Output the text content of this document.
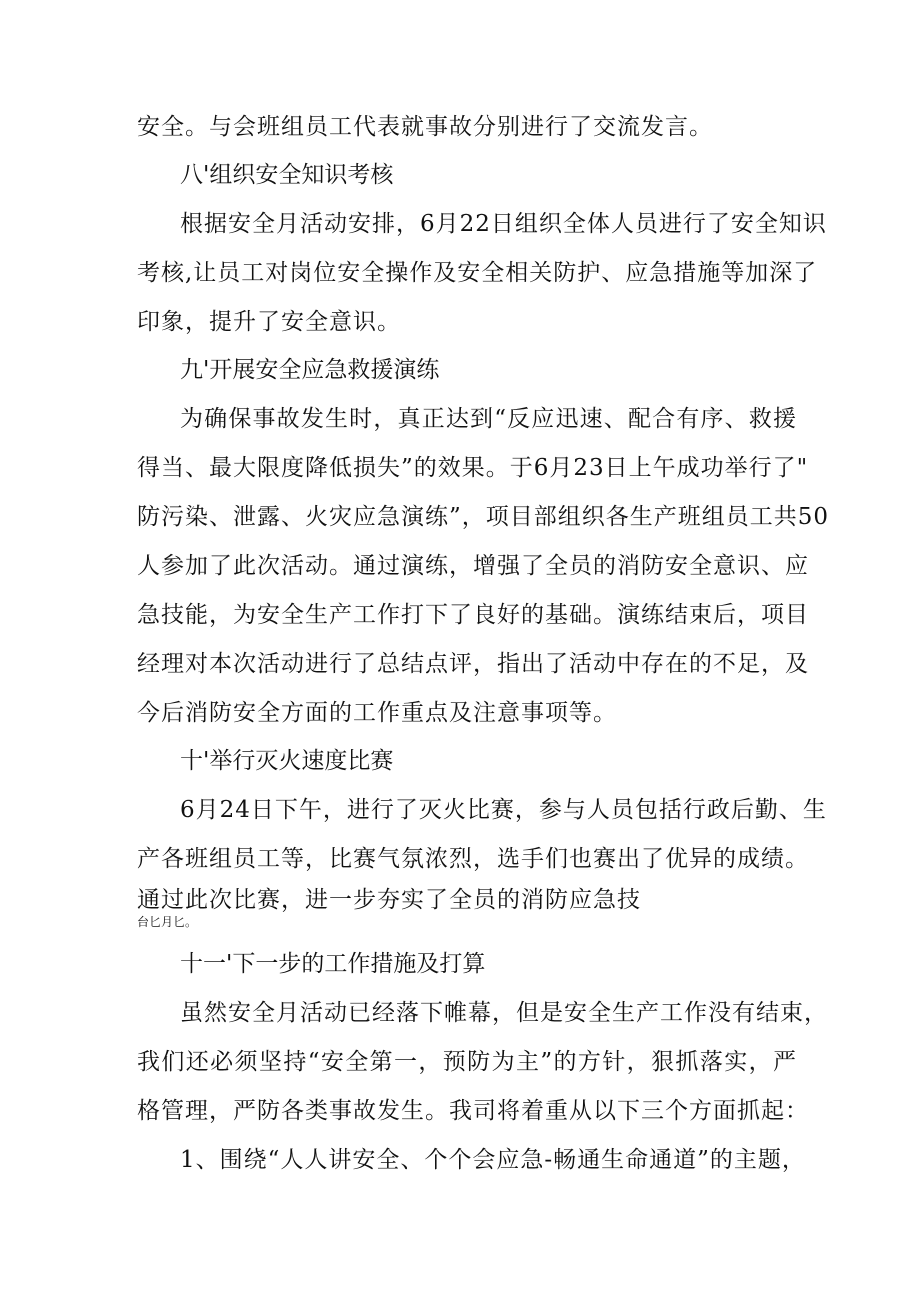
安全。与会班组员工代表就事故分别进行了交流发言。
八'组织安全知识考核
根据安全月活动安排，6月22日组织全体人员进行了安全知识
考核,让员工对岗位安全操作及安全相关防护、应急措施等加深了
印象，提升了安全意识。
九'开展安全应急救援演练
为确保事故发生时，真正达到“反应迅速、配合有序、救援
得当、最大限度降低损失”的效果。于6月23日上午成功举行了"
防污染、泄露、火灾应急演练”，项目部组织各生产班组员工共50
人参加了此次活动。通过演练，增强了全员的消防安全意识、应
急技能，为安全生产工作打下了良好的基础。演练结束后，项目
经理对本次活动进行了总结点评，指出了活动中存在的不足，及
今后消防安全方面的工作重点及注意事项等。
十'举行灭火速度比赛
6月24日下午，进行了灭火比赛，参与人员包括行政后勤、生
产各班组员工等，比赛气氛浓烈，选手们也赛出了优异的成绩。
通过此次比赛，进一步夯实了全员的消防应急技
台匕月匕。
十一'下一步的工作措施及打算
虽然安全月活动已经落下帷幕，但是安全生产工作没有结束，
我们还必须坚持“安全第一，预防为主”的方针，狠抓落实，严
格管理，严防各类事故发生。我司将着重从以下三个方面抓起：
1、围绕“人人讲安全、个个会应急-畅通生命通道”的主题，
